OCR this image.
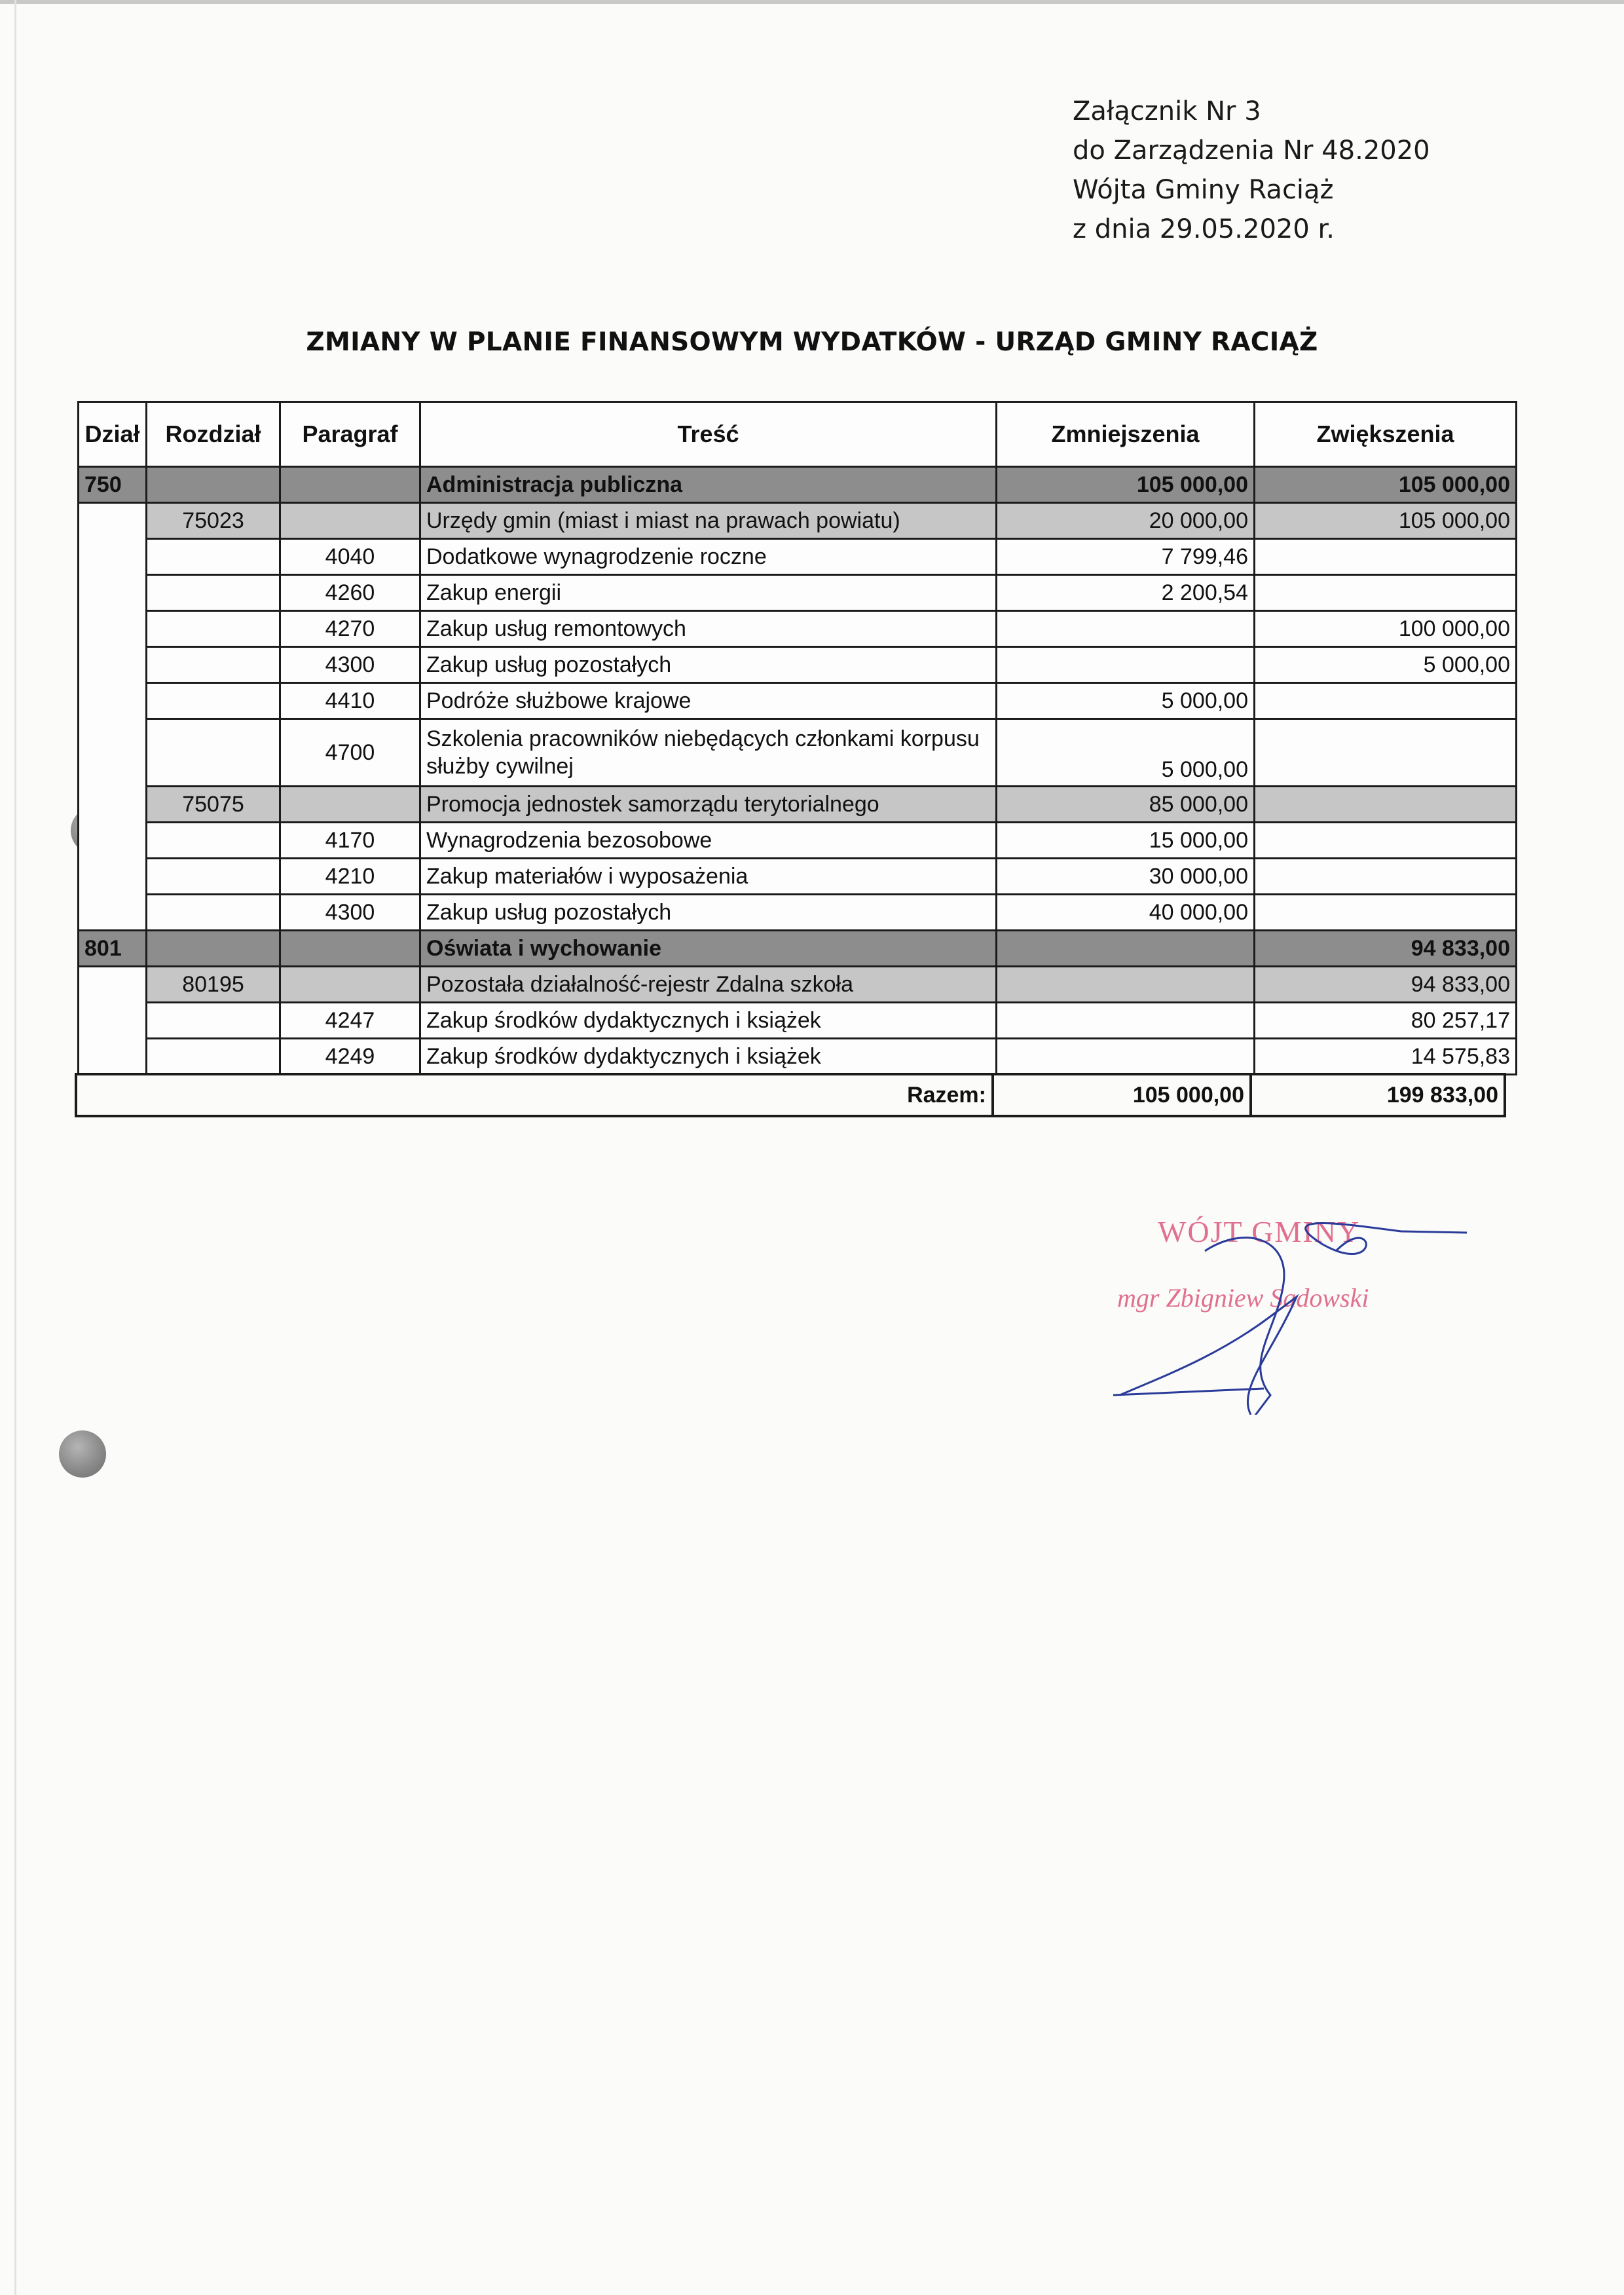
Załącznik Nr 3
do Zarządzenia Nr 48.2020
Wójta Gminy Raciąż
z dnia 29.05.2020 r.
ZMIANY W PLANIE FINANSOWYM WYDATKÓW - URZĄD GMINY RACIĄŻ
Dział	Rozdział	Paragraf	Treść	Zmniejszenia	Zwiększenia
750			Administracja publiczna	105 000,00	105 000,00
	75023		Urzędy gmin (miast i miast na prawach powiatu)	20 000,00	105 000,00
		4040	Dodatkowe wynagrodzenie roczne	7 799,46	
		4260	Zakup energii	2 200,54	
		4270	Zakup usług remontowych		100 000,00
		4300	Zakup usług pozostałych		5 000,00
		4410	Podróże służbowe krajowe	5 000,00	
		4700	Szkolenia pracowników niebędących członkami korpusu służby cywilnej	5 000,00	
	75075		Promocja jednostek samorządu terytorialnego	85 000,00	
		4170	Wynagrodzenia bezosobowe	15 000,00	
		4210	Zakup materiałów i wyposażenia	30 000,00	
		4300	Zakup usług pozostałych	40 000,00	
801			Oświata i wychowanie		94 833,00
	80195		Pozostała działalność-rejestr Zdalna szkoła		94 833,00
		4247	Zakup środków dydaktycznych i książek		80 257,17
		4249	Zakup środków dydaktycznych i książek		14 575,83
Razem:	105 000,00	199 833,00
WÓJT GMINY
mgr Zbigniew Sadowski
